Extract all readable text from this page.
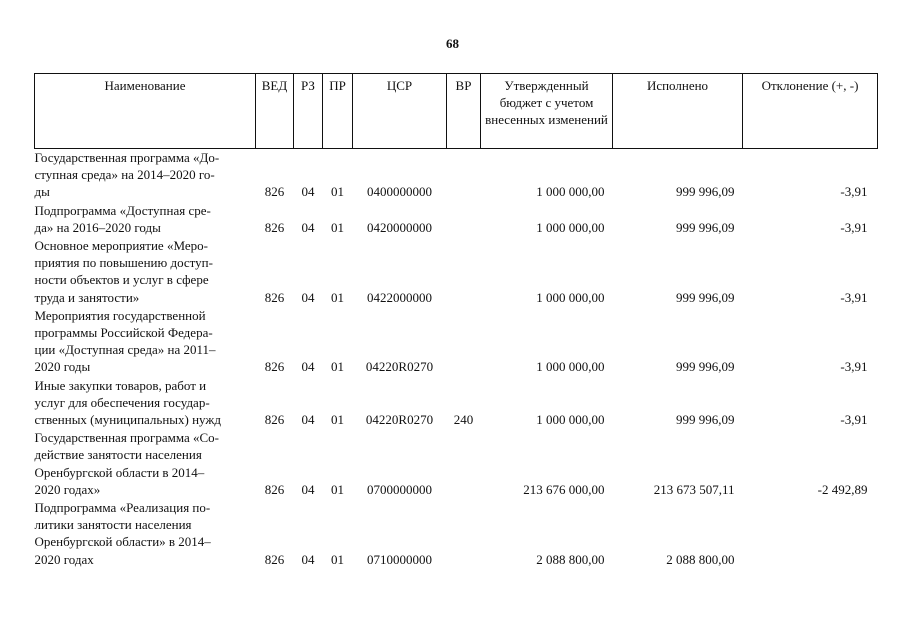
68
Наименование	ВЕД	РЗ	ПР	ЦСР	ВР	Утвержденный бюджет с учетом внесенных изменений	Исполнено	Отклонение (+, -)

Государственная программа «До-
ступная среда» на 2014–2020 го-
ды	826	04	01	0400000000		1 000 000,00	999 996,09	-3,91

Подпрограмма «Доступная сре-
да» на 2016–2020 годы	826	04	01	0420000000		1 000 000,00	999 996,09	-3,91

Основное мероприятие «Меро-
приятия по повышению доступ-
ности объектов и услуг в сфере
труда и занятости»	826	04	01	0422000000		1 000 000,00	999 996,09	-3,91

Мероприятия государственной
программы Российской Федера-
ции «Доступная среда» на 2011–
2020 годы	826	04	01	04220R0270		1 000 000,00	999 996,09	-3,91

Иные закупки товаров, работ и
услуг для обеспечения государ-
ственных (муниципальных) нужд	826	04	01	04220R0270	240	1 000 000,00	999 996,09	-3,91

Государственная программа «Со-
действие занятости населения
Оренбургской области в 2014–
2020 годах»	826	04	01	0700000000		213 676 000,00	213 673 507,11	-2 492,89

Подпрограмма «Реализация по-
литики занятости населения
Оренбургской области» в 2014–
2020 годах	826	04	01	0710000000		2 088 800,00	2 088 800,00	
